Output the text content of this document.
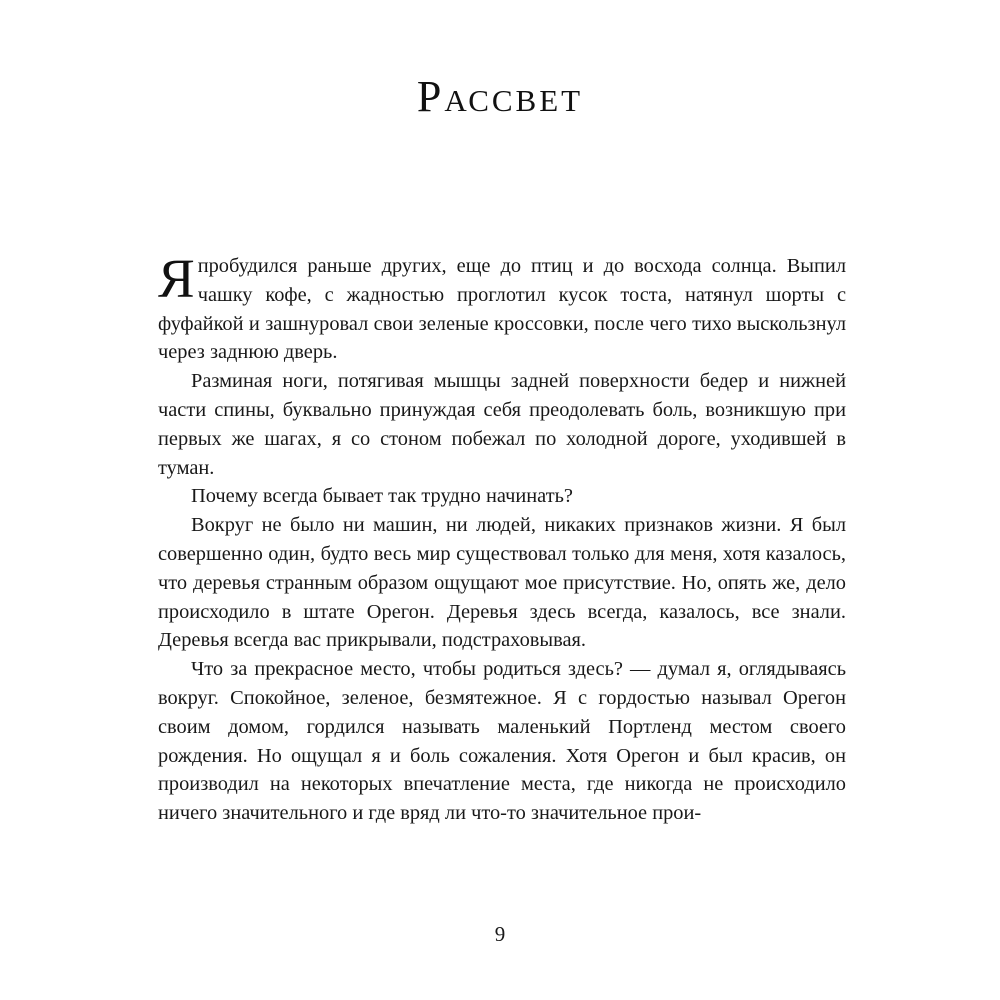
Рассвет

Япробудился раньше других, еще до птиц и до восхода солнца. Выпил чашку кофе, с жадностью проглотил кусок тоста, натянул шорты с фуфайкой и зашнуровал свои зеленые кроссовки, после чего тихо выскользнул через заднюю дверь.

Разминая ноги, потягивая мышцы задней поверхности бедер и нижней части спины, буквально принуждая себя преодолевать боль, возникшую при первых же шагах, я со стоном побежал по холодной дороге, уходившей в туман.

Почему всегда бывает так трудно начинать?

Вокруг не было ни машин, ни людей, никаких признаков жизни. Я был совершенно один, будто весь мир существовал только для меня, хотя казалось, что деревья странным образом ощущают мое присутствие. Но, опять же, дело происходило в штате Орегон. Деревья здесь всегда, казалось, все знали. Деревья всегда вас прикрывали, подстраховывая.

Что за прекрасное место, чтобы родиться здесь? — думал я, оглядываясь вокруг. Спокойное, зеленое, безмятежное. Я с гордостью называл Орегон своим домом, гордился называть маленький Портленд местом своего рождения. Но ощущал я и боль сожаления. Хотя Орегон и был красив, он производил на некоторых впечатление места, где никогда не происходило ничего значительного и где вряд ли что-то значительное прои-

9
